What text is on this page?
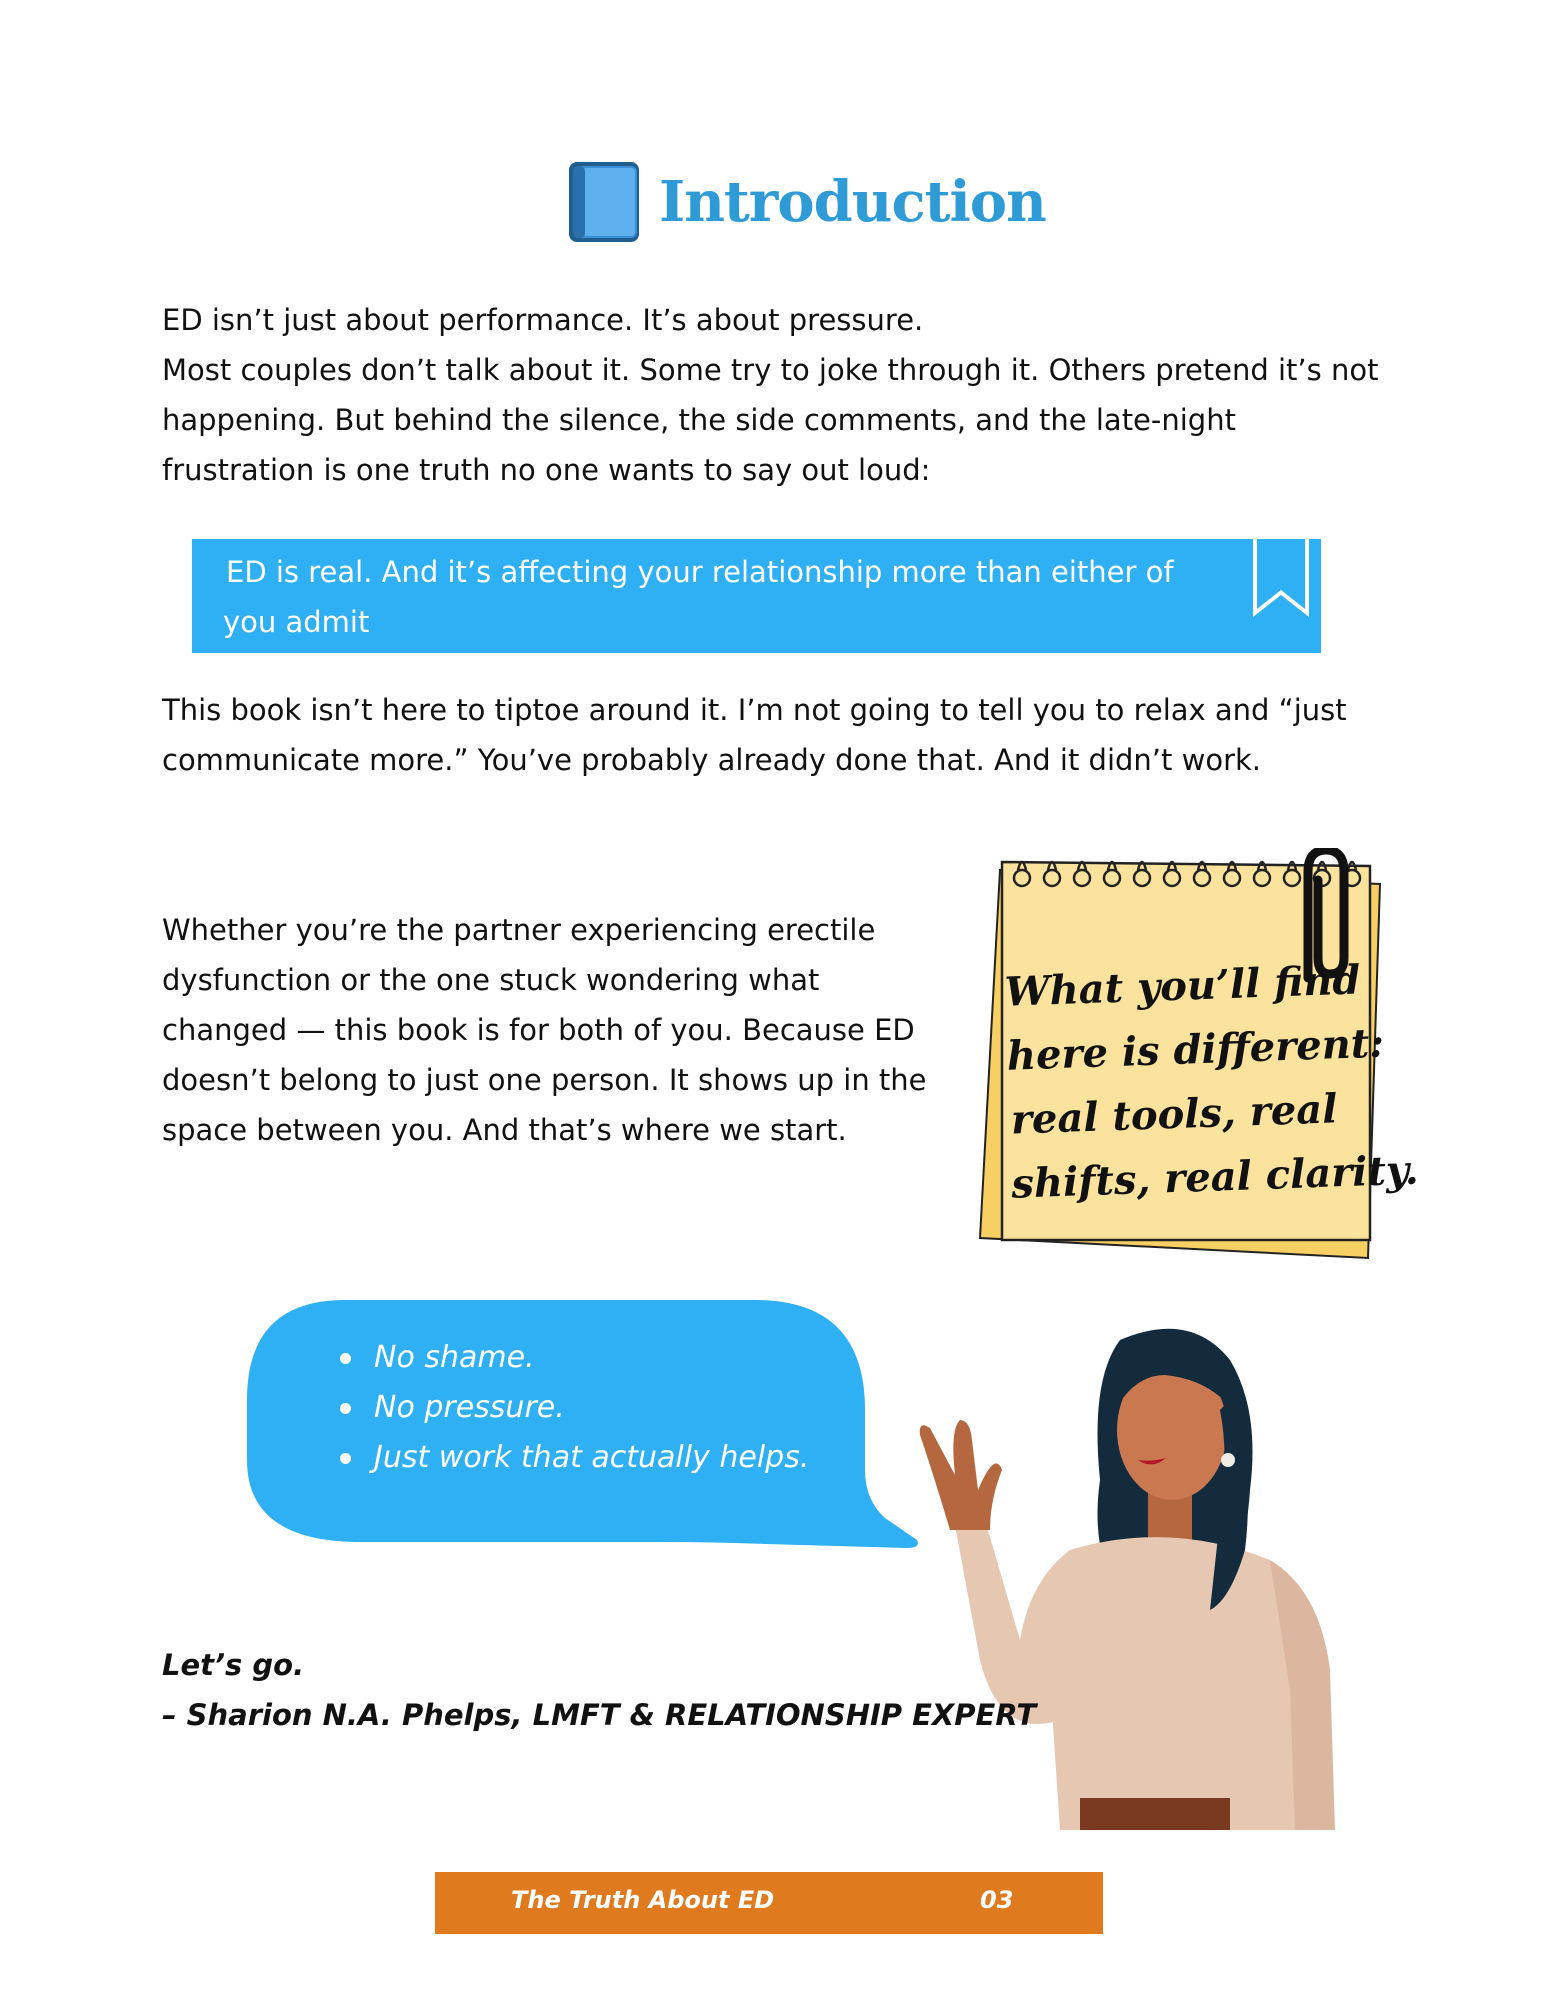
Introduction
ED isn’t just about performance. It’s about pressure.
Most couples don’t talk about it. Some try to joke through it. Others pretend it’s not
happening. But behind the silence, the side comments, and the late-night
frustration is one truth no one wants to say out loud:
ED is real. And it’s affecting your relationship more than either of
you admit
This book isn’t here to tiptoe around it. I’m not going to tell you to relax and “just
communicate more.” You’ve probably already done that. And it didn’t work.
Whether you’re the partner experiencing erectile
dysfunction or the one stuck wondering what
changed — this book is for both of you. Because ED
doesn’t belong to just one person. It shows up in the
space between you. And that’s where we start.
What you’ll find
here is different:
real tools, real
shifts, real clarity.
No shame.
No pressure.
Just work that actually helps.
Let’s go.
– Sharion N.A. Phelps, LMFT & RELATIONSHIP EXPERT
The Truth About ED	03
